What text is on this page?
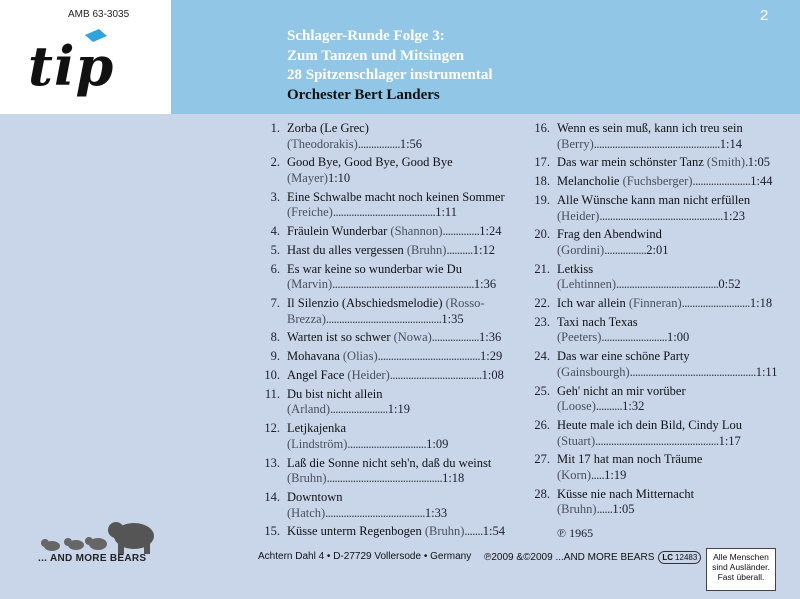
AMB 63-3035
tip
2
Schlager-Runde Folge 3:
Zum Tanzen und Mitsingen
28 Spitzenschlager instrumental
Orchester Bert Landers
1. Zorba (Le Grec) (Theodorakis)................1:56
2. Good Bye, Good Bye, Good Bye (Mayer)1:10
3. Eine Schwalbe macht noch keinen Sommer (Freiche).......................................1:11
4. Fräulein Wunderbar (Shannon)..............1:24
5. Hast du alles vergessen (Bruhn)..........1:12
6. Es war keine so wunderbar wie Du (Marvin)......................................................1:36
7. Il Silenzio (Abschiedsmelodie) (Rosso-Brezza)............................................1:35
8. Warten ist so schwer (Nowa)..................1:36
9. Mohavana (Olias).......................................1:29
10. Angel Face (Heider)...................................1:08
11. Du bist nicht allein (Arland)......................1:19
12. Letjkajenka (Lindström)..............................1:09
13. Laß die Sonne nicht seh'n, daß du weinst (Bruhn)............................................1:18
14. Downtown (Hatch)......................................1:33
15. Küsse unterm Regenbogen (Bruhn).......1:54
16. Wenn es sein muß, kann ich treu sein (Berry)................................................1:14
17. Das war mein schönster Tanz (Smith).1:05
18. Melancholie (Fuchsberger)......................1:44
19. Alle Wünsche kann man nicht erfüllen (Heider)...............................................1:23
20. Frag den Abendwind (Gordini)................2:01
21. Letkiss (Lehtinnen).......................................0:52
22. Ich war allein (Finneran)..........................1:18
23. Taxi nach Texas (Peeters).........................1:00
24. Das war eine schöne Party (Gainsbourgh)................................................1:11
25. Geh' nicht an mir vorüber (Loose)..........1:32
26. Heute male ich dein Bild, Cindy Lou (Stuart)...............................................1:17
27. Mit 17 hat man noch Träume (Korn).....1:19
28. Küsse nie nach Mitternacht (Bruhn)......1:05
℗ 1965
... AND MORE BEARS	Achtern Dahl 4 • D-27729 Vollersode • Germany ℗2009 &©2009 ...AND MORE BEARS LC 12483	Alle Menschen sind Ausländer. Fast überall.
